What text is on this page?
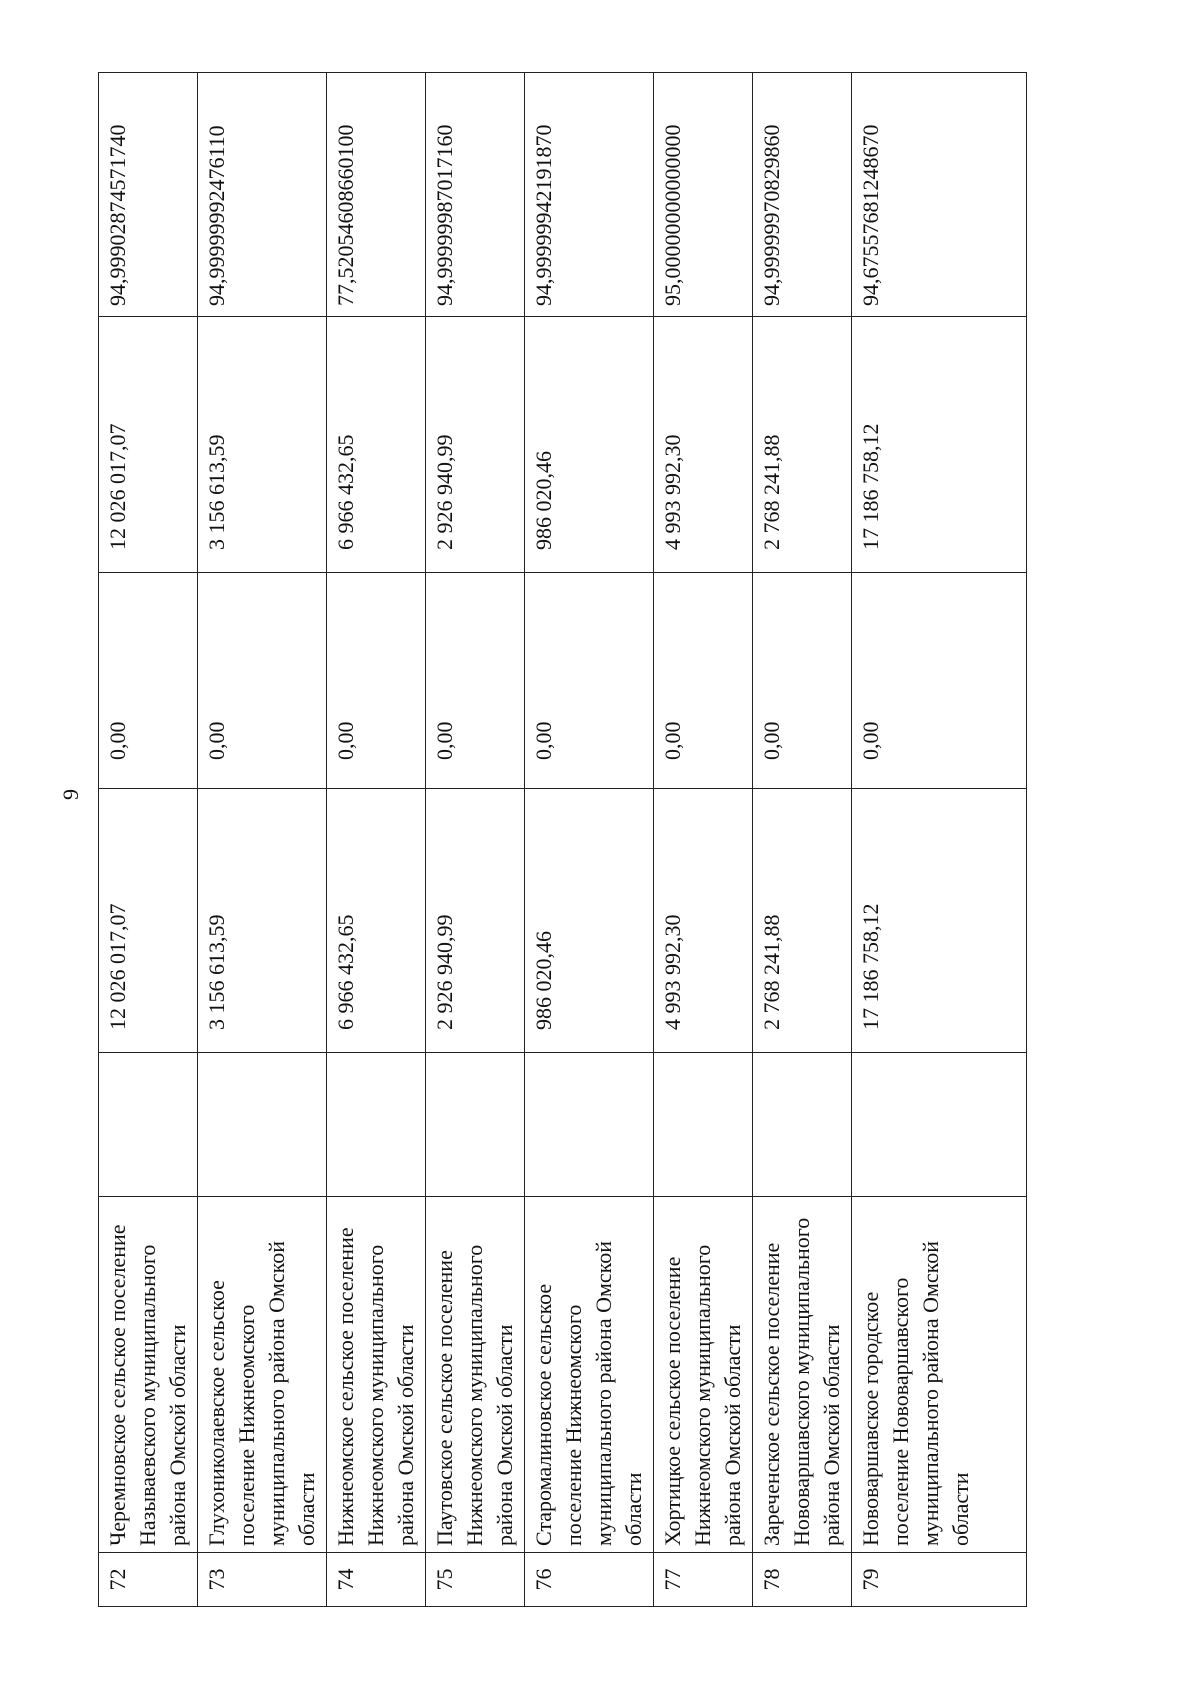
9
72	Черемновское сельское поселение Называевского муниципального района Омской области		12 026 017,07	0,00	12 026 017,07	94,99902874571740
73	Глухониколаевское сельское поселение Нижнеомского муниципального района Омской области		3 156 613,59	0,00	3 156 613,59	94,99999992476110
74	Нижнеомское сельское поселение Нижнеомского муниципального района Омской области		6 966 432,65	0,00	6 966 432,65	77,52054608660100
75	Паутовское сельское поселение Нижнеомского муниципального района Омской области		2 926 940,99	0,00	2 926 940,99	94,99999987017160
76	Старомалиновское сельское поселение Нижнеомского муниципального района Омской области		986 020,46	0,00	986 020,46	94,99999942191870
77	Хортицкое сельское поселение Нижнеомского муниципального района Омской области		4 993 992,30	0,00	4 993 992,30	95,00000000000000
78	Зареченское сельское поселение Нововаршавского муниципального района Омской области		2 768 241,88	0,00	2 768 241,88	94,99999970829860
79	Нововаршавское городское поселение Нововаршавского муниципального района Омской области		17 186 758,12	0,00	17 186 758,12	94,67557681248670
